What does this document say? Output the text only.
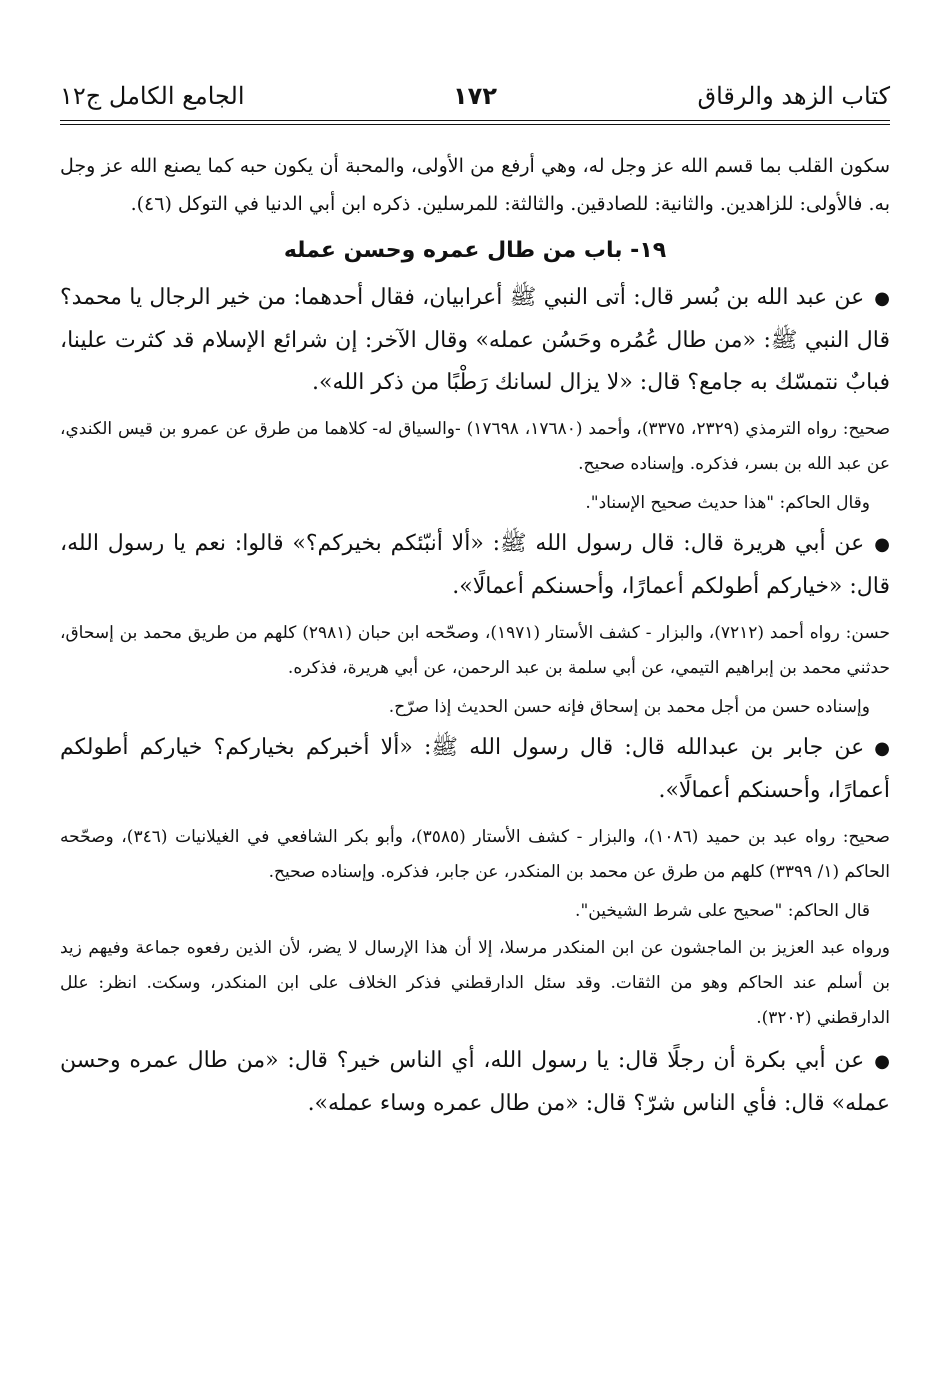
كتاب الزهد والرقاق
١٧٢
الجامع الكامل ج١٢

سكون القلب بما قسم الله عز وجل له، وهي أرفع من الأولى، والمحبة أن يكون حبه كما يصنع الله عز وجل به. فالأولى: للزاهدين. والثانية: للصادقين. والثالثة: للمرسلين. ذكره ابن أبي الدنيا في التوكل (٤٦).

١٩- باب من طال عمره وحسن عمله

●عن عبد الله بن بُسر قال: أتى النبي ﷺ أعرابيان، فقال أحدهما: من خير الرجال يا محمد؟ قال النبي ﷺ: «من طال عُمُره وحَسُن عمله» وقال الآخر: إن شرائع الإسلام قد كثرت علينا، فبابٌ نتمسّك به جامع؟ قال: «لا يزال لسانك رَطْبًا من ذكر الله».

صحيح: رواه الترمذي (٢٣٢٩، ٣٣٧٥)، وأحمد (١٧٦٨٠، ١٧٦٩٨) -والسياق له- كلاهما من طرق عن عمرو بن قيس الكندي، عن عبد الله بن بسر، فذكره. وإسناده صحيح.

وقال الحاكم: "هذا حديث صحيح الإسناد".

●عن أبي هريرة قال: قال رسول الله ﷺ: «ألا أنبّئكم بخيركم؟» قالوا: نعم يا رسول الله، قال: «خياركم أطولكم أعمارًا، وأحسنكم أعمالًا».

حسن: رواه أحمد (٧٢١٢)، والبزار - كشف الأستار (١٩٧١)، وصحّحه ابن حبان (٢٩٨١) كلهم من طريق محمد بن إسحاق، حدثني محمد بن إبراهيم التيمي، عن أبي سلمة بن عبد الرحمن، عن أبي هريرة، فذكره.

وإسناده حسن من أجل محمد بن إسحاق فإنه حسن الحديث إذا صرّح.

●عن جابر بن عبدالله قال: قال رسول الله ﷺ: «ألا أخبركم بخياركم؟ خياركم أطولكم أعمارًا، وأحسنكم أعمالًا».

صحيح: رواه عبد بن حميد (١٠٨٦)، والبزار - كشف الأستار (٣٥٨٥)، وأبو بكر الشافعي في الغيلانيات (٣٤٦)، وصحّحه الحاكم (١/ ٣٣٩٩) كلهم من طرق عن محمد بن المنكدر، عن جابر، فذكره. وإسناده صحيح.

قال الحاكم: "صحيح على شرط الشيخين".

ورواه عبد العزيز بن الماجشون عن ابن المنكدر مرسلا، إلا أن هذا الإرسال لا يضر، لأن الذين رفعوه جماعة وفيهم زيد بن أسلم عند الحاكم وهو من الثقات. وقد سئل الدارقطني فذكر الخلاف على ابن المنكدر، وسكت. انظر: علل الدارقطني (٣٢٠٢).

●عن أبي بكرة أن رجلًا قال: يا رسول الله، أي الناس خير؟ قال: «من طال عمره وحسن عمله» قال: فأي الناس شرّ؟ قال: «من طال عمره وساء عمله».
